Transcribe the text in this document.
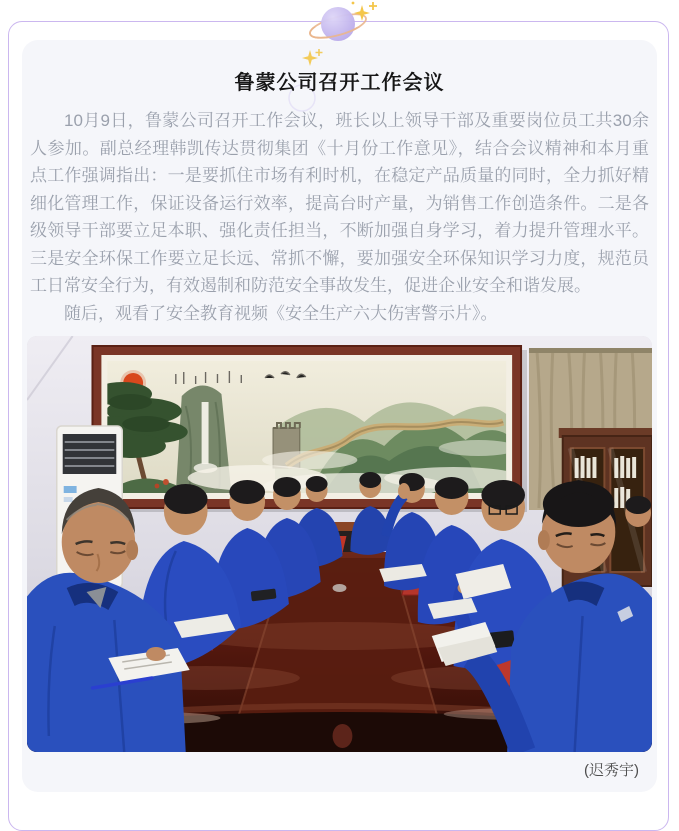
鲁蒙公司召开工作会议

10月9日，鲁蒙公司召开工作会议，班长以上领导干部及重要岗位员工共30余人参加。副总经理韩凯传达贯彻集团《十月份工作意见》，结合会议精神和本月重点工作强调指出：一是要抓住市场有利时机，在稳定产品质量的同时，全力抓好精细化管理工作，保证设备运行效率，提高台时产量，为销售工作创造条件。二是各级领导干部要立足本职、强化责任担当，不断加强自身学习，着力提升管理水平。三是安全环保工作要立足长远、常抓不懈，要加强安全环保知识学习力度，规范员工日常安全行为，有效遏制和防范安全事故发生，促进企业安全和谐发展。

随后，观看了安全教育视频《安全生产六大伤害警示片》。

(迟秀宇)
